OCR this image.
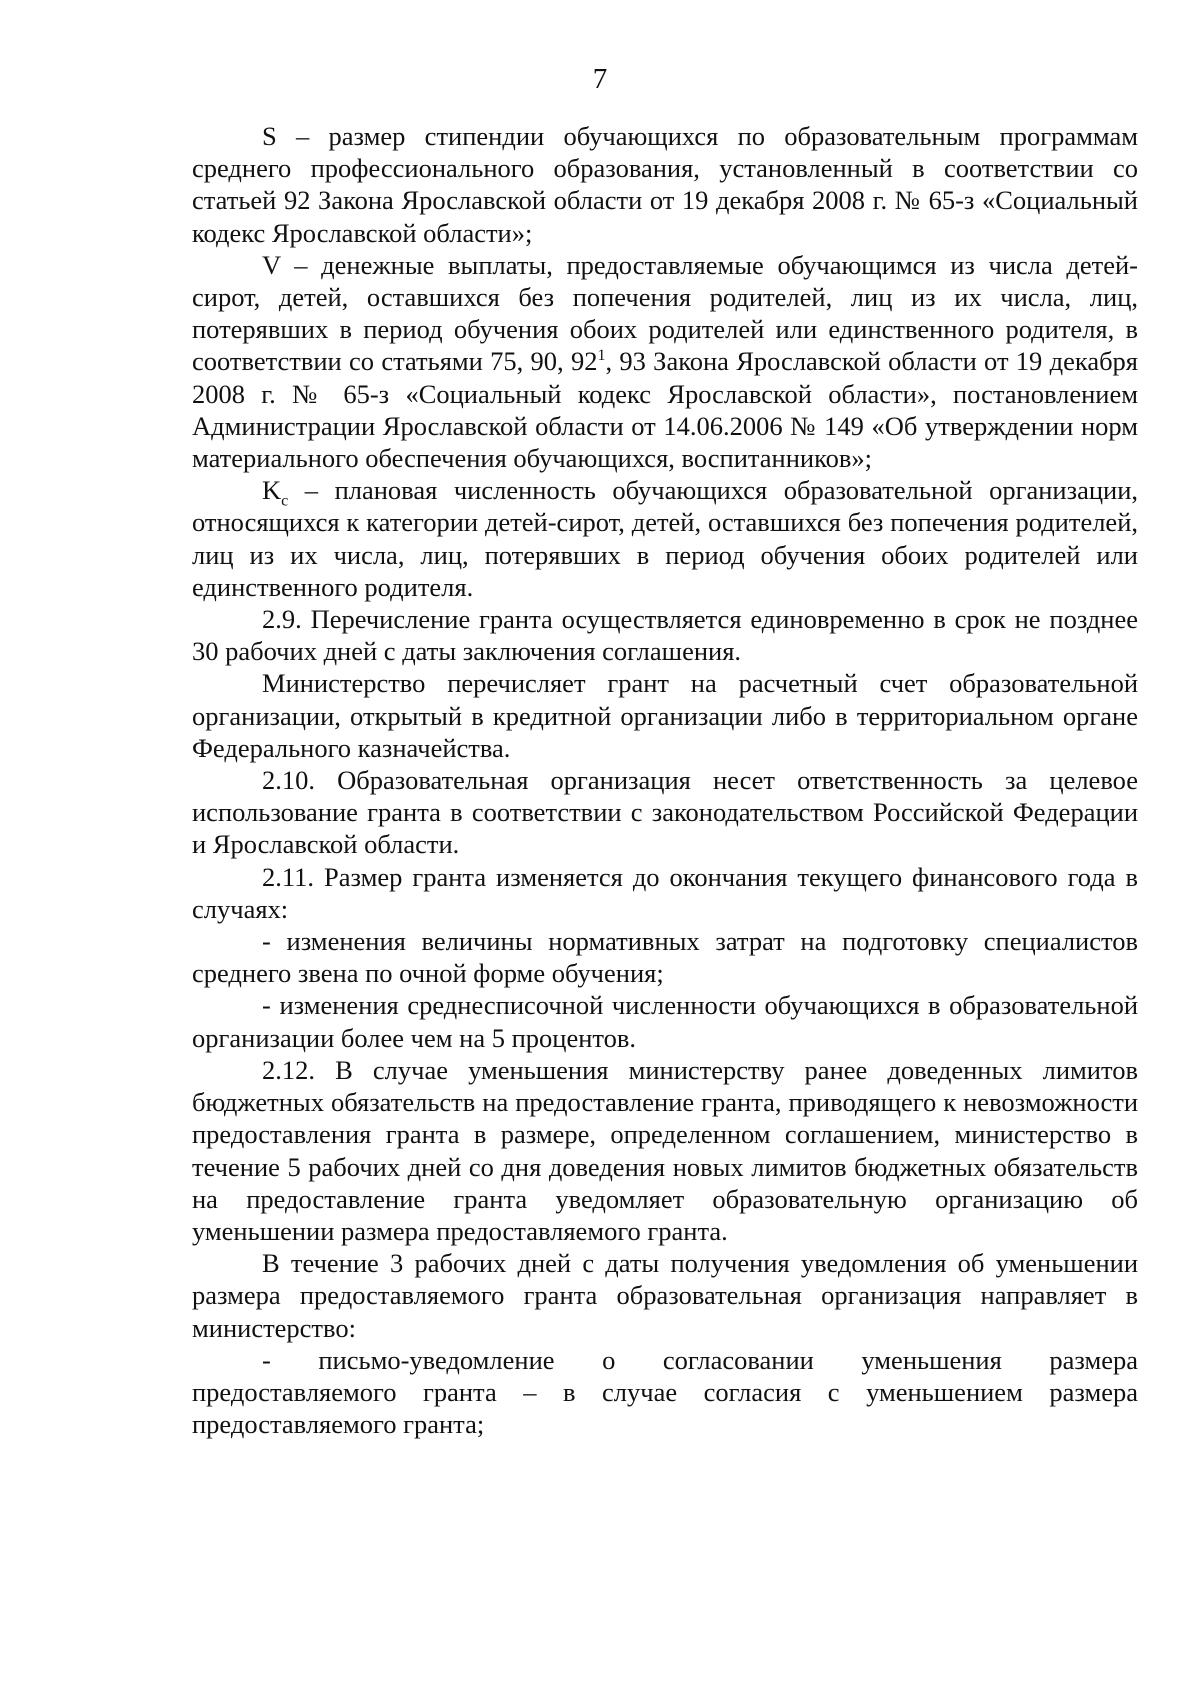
7

S – размер стипендии обучающихся по образовательным программам среднего профессионального образования, установленный в соответствии со статьей 92 Закона Ярославской области от 19 декабря 2008 г. № 65-з «Социальный кодекс Ярославской области»;

V – денежные выплаты, предоставляемые обучающимся из числа детей-сирот, детей, оставшихся без попечения родителей, лиц из их числа, лиц, потерявших в период обучения обоих родителей или единственного родителя, в соответствии со статьями 75, 90, $92^1$, 93 Закона Ярославской области от 19 декабря 2008 г. № 65-з «Социальный кодекс Ярославской области», постановлением Администрации Ярославской области от 14.06.2006 № 149 «Об утверждении норм материального обеспечения обучающихся, воспитанников»;

$K_c$ – плановая численность обучающихся образовательной организации, относящихся к категории детей-сирот, детей, оставшихся без попечения родителей, лиц из их числа, лиц, потерявших в период обучения обоих родителей или единственного родителя.

2.9. Перечисление гранта осуществляется единовременно в срок не позднее 30 рабочих дней с даты заключения соглашения.

Министерство перечисляет грант на расчетный счет образовательной организации, открытый в кредитной организации либо в территориальном органе Федерального казначейства.

2.10. Образовательная организация несет ответственность за целевое использование гранта в соответствии с законодательством Российской Федерации и Ярославской области.

2.11. Размер гранта изменяется до окончания текущего финансового года в случаях:

- изменения величины нормативных затрат на подготовку специалистов среднего звена по очной форме обучения;

- изменения среднесписочной численности обучающихся в образовательной организации более чем на 5 процентов.

2.12. В случае уменьшения министерству ранее доведенных лимитов бюджетных обязательств на предоставление гранта, приводящего к невозможности предоставления гранта в размере, определенном соглашением, министерство в течение 5 рабочих дней со дня доведения новых лимитов бюджетных обязательств на предоставление гранта уведомляет образовательную организацию об уменьшении размера предоставляемого гранта.

В течение 3 рабочих дней с даты получения уведомления об уменьшении размера предоставляемого гранта образовательная организация направляет в министерство:

- письмо-уведомление о согласовании уменьшения размера предоставляемого гранта – в случае согласия с уменьшением размера предоставляемого гранта;
